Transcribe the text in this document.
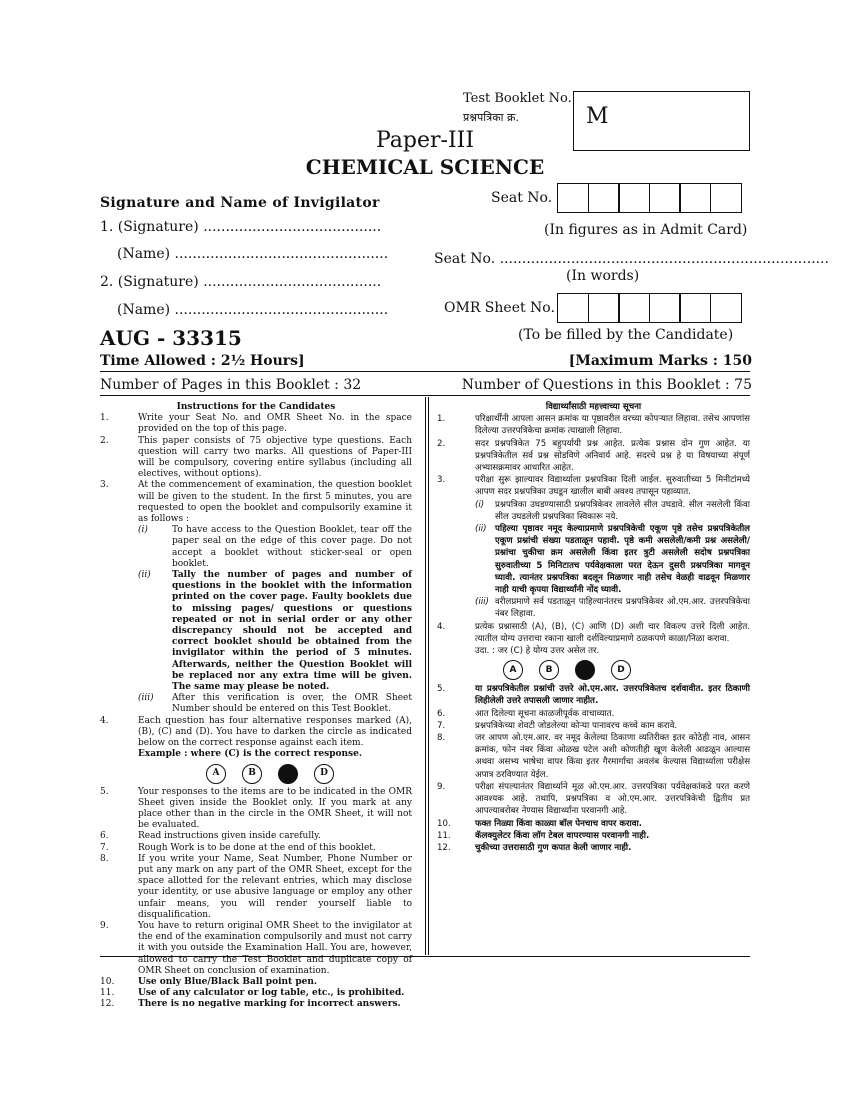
Test Booklet No.
प्रश्नपत्रिका क्र.	M
Paper-III
CHEMICAL SCIENCE
Signature and Name of Invigilator
1. (Signature) ........................................
(Name) ................................................
2. (Signature) ........................................
(Name) ................................................
Seat No.
(In figures as in Admit Card)
Seat No. ..........................................................................
(In words)
OMR Sheet No.
(To be filled by the Candidate)
AUG - 33315
Time Allowed : 2½ Hours]	[Maximum Marks : 150
Number of Pages in this Booklet : 32	Number of Questions in this Booklet : 75
Instructions for the Candidates
1.	Write your Seat No. and OMR Sheet No. in the space provided on the top of this page.
2.	This paper consists of 75 objective type questions. Each question will carry two marks. All questions of Paper-III will be compulsory, covering entire syllabus (including all electives, without options).
3.	At the commencement of examination, the question booklet will be given to the student. In the first 5 minutes, you are requested to open the booklet and compulsorily examine it as follows :
(i)	To have access to the Question Booklet, tear off the paper seal on the edge of this cover page. Do not accept a booklet without sticker-seal or open booklet.
(ii)	Tally the number of pages and number of questions in the booklet with the information printed on the cover page. Faulty booklets due to missing pages/ questions or questions repeated or not in serial order or any other discrepancy should not be accepted and correct booklet should be obtained from the invigilator within the period of 5 minutes. Afterwards, neither the Question Booklet will be replaced nor any extra time will be given. The same may please be noted.
(iii)	After this verification is over, the OMR Sheet Number should be entered on this Test Booklet.
4.	Each question has four alternative responses marked (A), (B), (C) and (D). You have to darken the circle as indicated below on the correct response against each item.
Example : where (C) is the correct response.
A	B	C	D
5.	Your responses to the items are to be indicated in the OMR Sheet given inside the Booklet only. If you mark at any place other than in the circle in the OMR Sheet, it will not be evaluated.
6.	Read instructions given inside carefully.
7.	Rough Work is to be done at the end of this booklet.
8.	If you write your Name, Seat Number, Phone Number or put any mark on any part of the OMR Sheet, except for the space allotted for the relevant entries, which may disclose your identity, or use abusive language or employ any other unfair means, you will render yourself liable to disqualification.
9.	You have to return original OMR Sheet to the invigilator at the end of the examination compulsorily and must not carry it with you outside the Examination Hall. You are, however, allowed to carry the Test Booklet and duplicate copy of OMR Sheet on conclusion of examination.
10.	Use only Blue/Black Ball point pen.
11.	Use of any calculator or log table, etc., is prohibited.
12.	There is no negative marking for incorrect answers.
विद्यार्थ्यांसाठी महत्त्वाच्या सूचना
1.	परिक्षार्थींनी आपला आसन क्रमांक या पृष्ठावरील वरच्या कोपऱ्यात लिहावा. तसेच आपणांस दिलेल्या उत्तरपत्रिकेचा क्रमांक त्याखाली लिहावा.
2.	सदर प्रश्नपत्रिकेत 75 बहुपर्यायी प्रश्न आहेत. प्रत्येक प्रश्नास दोन गुण आहेत. या प्रश्नपत्रिकेतील सर्व प्रश्न सोडविणे अनिवार्य आहे. सदरचे प्रश्न हे या विषयाच्या संपूर्ण अभ्यासक्रमावर आधारित आहेत.
3.	परीक्षा सुरू झाल्यावर विद्यार्थ्याला प्रश्नपत्रिका दिली जाईल. सुरुवातीच्या 5 मिनीटांमध्ये आपण सदर प्रश्नपत्रिका उघडून खालील बाबी अवश्य तपासून पहाव्यात.
(i)	प्रश्नपत्रिका उघडण्यासाठी प्रश्नपत्रिकेवर लावलेले सील उघडावे. सील नसलेली किंवा सील उघडलेली प्रश्नपत्रिका स्विकारू नये.
(ii) पहिल्या पृष्ठावर नमूद केल्याप्रमाणे प्रश्नपत्रिकेची एकूण पृष्ठे तसेच प्रश्नपत्रिकेतील एकूण प्रश्नांची संख्या पडताळून पहावी. पृष्ठे कमी असलेली/कमी प्रश्न असलेली/प्रश्नांचा चुकीचा क्रम असलेली किंवा इतर त्रुटी असलेली सदोष प्रश्नपत्रिका सुरुवातीच्या 5 मिनिटातच पर्यवेक्षकाला परत देऊन दुसरी प्रश्नपत्रिका मागवून घ्यावी. त्यानंतर प्रश्नपत्रिका बदलून मिळणार नाही तसेच वेळही वाढवून मिळणार नाही याची कृपया विद्यार्थ्यांनी नोंद घ्यावी.
(iii) वरीलप्रमाणे सर्व पडताळून पाहिल्यानंतरच प्रश्नपत्रिकेवर ओ.एम.आर. उत्तरपत्रिकेचा नंबर लिहावा.
4.	प्रत्येक प्रश्नासाठी (A), (B), (C) आणि (D) अशी चार विकल्प उत्तरे दिली आहेत. त्यातील योग्य उत्तराचा रकाना खाली दर्शविल्याप्रमाणे ठळकपणे काळा/निळा करावा.
उदा. : जर (C) हे योग्य उत्तर असेल तर.
A	B	C	D
5.	या प्रश्नपत्रिकेतील प्रश्नांची उत्तरे ओ.एम.आर. उत्तरपत्रिकेतच दर्शवावीत. इतर ठिकाणी लिहीलेली उत्तरे तपासली जाणार नाहीत.
6.	आत दिलेल्या सूचना काळजीपूर्वक वाचाव्यात.
7.	प्रश्नपत्रिकेच्या शेवटी जोडलेल्या कोऱ्या पानावरच कच्चे काम करावे.
8.	जर आपण ओ.एम.आर. वर नमूद केलेल्या ठिकाणा व्यतिरीक्त इतर कोठेही नाव, आसन क्रमांक, फोन नंबर किंवा ओळख पटेल अशी कोणतीही खूण केलेली आढळून आल्यास अथवा असभ्य भाषेचा वापर किंवा इतर गैरमार्गांचा अवलंब केल्यास विद्यार्थ्याला परीक्षेस अपात्र ठरविण्यात येईल.
9.	परीक्षा संपल्यानंतर विद्यार्थ्याने मूळ ओ.एम.आर. उत्तरपत्रिका पर्यवेक्षकांकडे परत करणे आवश्यक आहे. तथापि, प्रश्नपत्रिका व ओ.एम.आर. उत्तरपत्रिकेची द्वितीय प्रत आपल्याबरोबर नेण्यास विद्यार्थ्यांना परवानगी आहे.
10.	फक्त निळ्या किंवा काळ्या बॉल पेनचाच वापर करावा.
11.	कॅलक्युलेटर किंवा लॉग टेबल वापरण्यास परवानगी नाही.
12.	चुकीच्या उत्तरासाठी गुण कपात केली जाणार नाही.
